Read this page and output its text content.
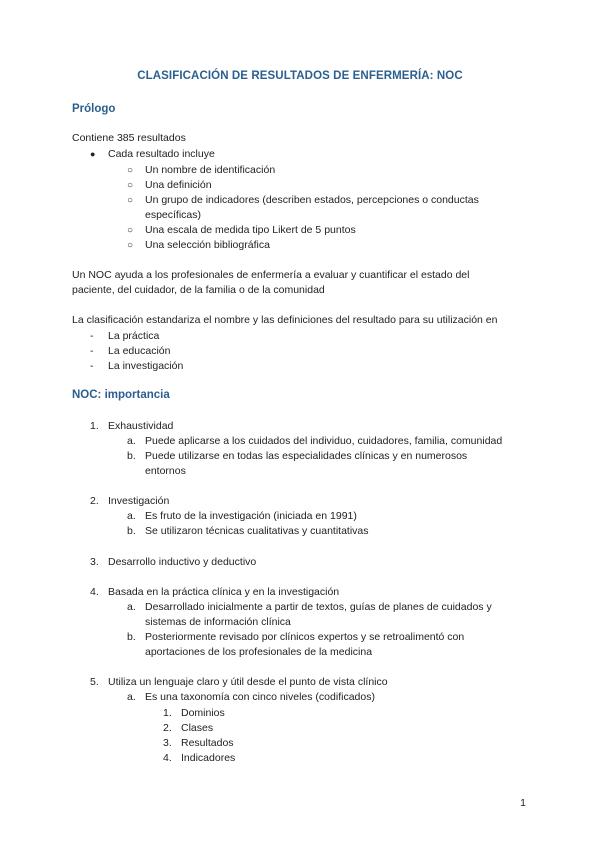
CLASIFICACIÓN DE RESULTADOS DE ENFERMERÍA: NOC
Prólogo
Contiene 385 resultados
● Cada resultado incluye
○ Un nombre de identificación
○ Una definición
○ Un grupo de indicadores (describen estados, percepciones o conductas
específicas)
○ Una escala de medida tipo Likert de 5 puntos
○ Una selección bibliográfica
Un NOC ayuda a los profesionales de enfermería a evaluar y cuantificar el estado del
paciente, del cuidador, de la familia o de la comunidad
La clasificación estandariza el nombre y las definiciones del resultado para su utilización en
- La práctica
- La educación
- La investigación
NOC: importancia
1. Exhaustividad
a. Puede aplicarse a los cuidados del individuo, cuidadores, familia, comunidad
b. Puede utilizarse en todas las especialidades clínicas y en numerosos
entornos
2. Investigación
a. Es fruto de la investigación (iniciada en 1991)
b. Se utilizaron técnicas cualitativas y cuantitativas
3. Desarrollo inductivo y deductivo
4. Basada en la práctica clínica y en la investigación
a. Desarrollado inicialmente a partir de textos, guías de planes de cuidados y
sistemas de información clínica
b. Posteriormente revisado por clínicos expertos y se retroalimentó con
aportaciones de los profesionales de la medicina
5. Utiliza un lenguaje claro y útil desde el punto de vista clínico
a. Es una taxonomía con cinco niveles (codificados)
1. Dominios
2. Clases
3. Resultados
4. Indicadores
1
